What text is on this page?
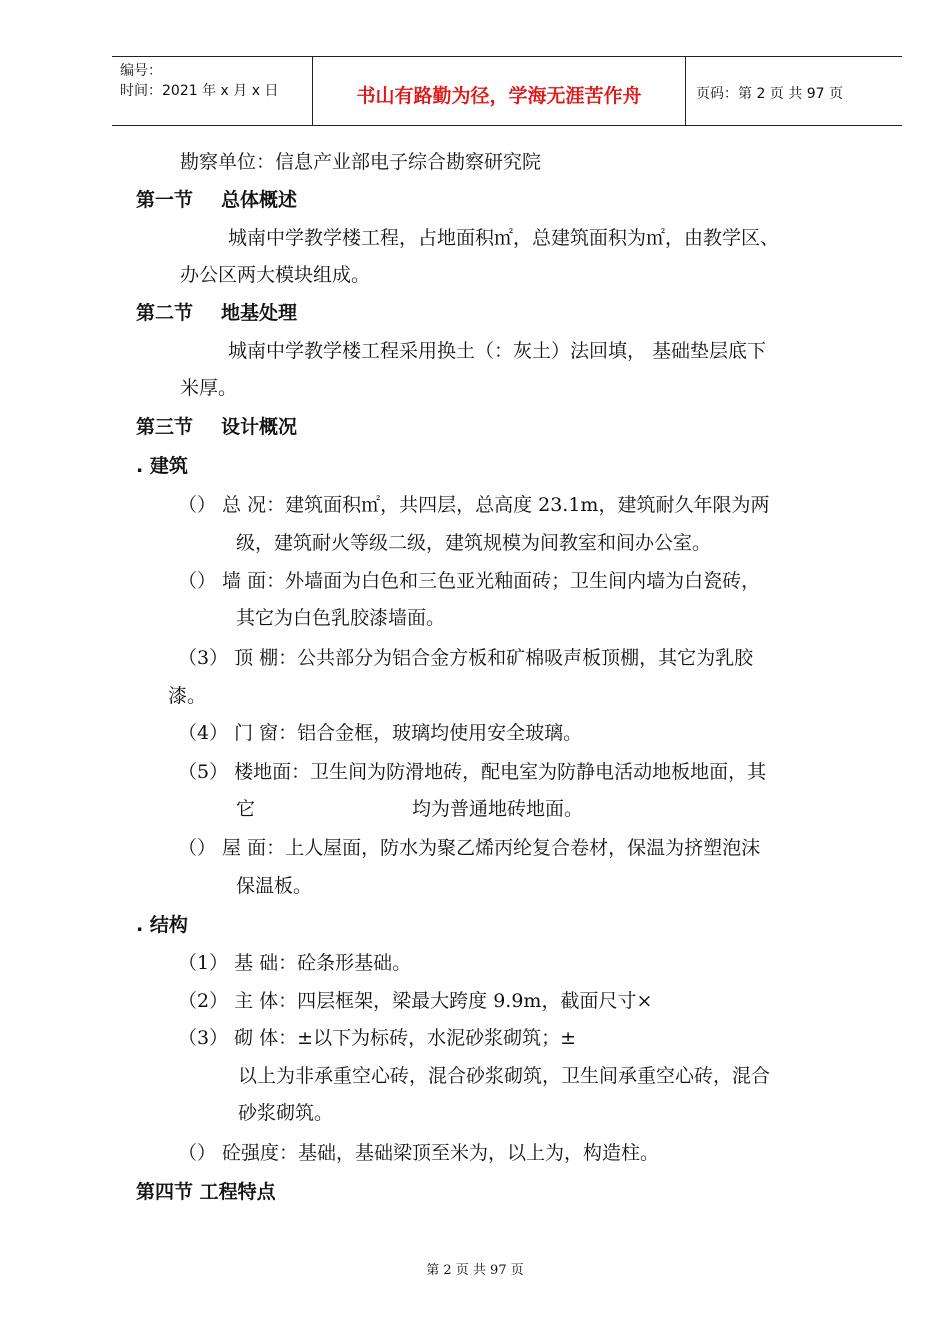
编号：
时间：2021 年 x 月 x 日	书山有路勤为径，学海无涯苦作舟	页码：第 2 页 共 97 页
勘察单位：信息产业部电子综合勘察研究院
第一节 总体概述
城南中学教学楼工程，占地面积㎡，总建筑面积为㎡，由教学区、
办公区两大模块组成。
第二节 地基处理
城南中学教学楼工程采用换土（：灰土）法回填， 基础垫层底下
米厚。
第三节 设计概况
. 建筑
（） 总 况：建筑面积㎡，共四层，总高度 23.1m，建筑耐久年限为两
级，建筑耐火等级二级，建筑规模为间教室和间办公室。
（） 墙 面：外墙面为白色和三色亚光釉面砖；卫生间内墙为白瓷砖，
其它为白色乳胶漆墙面。
（3） 顶 棚：公共部分为铝合金方板和矿棉吸声板顶棚，其它为乳胶
漆。
（4） 门 窗：铝合金框，玻璃均使用安全玻璃。
（5） 楼地面：卫生间为防滑地砖，配电室为防静电活动地板地面，其
它	均为普通地砖地面。
（） 屋 面：上人屋面，防水为聚乙烯丙纶复合卷材，保温为挤塑泡沫
保温板。
. 结构
（1） 基 础：砼条形基础。
（2） 主 体：四层框架，梁最大跨度 9.9m，截面尺寸×
（3） 砌 体：±以下为标砖，水泥砂浆砌筑；±
以上为非承重空心砖，混合砂浆砌筑，卫生间承重空心砖，混合
砂浆砌筑。
（） 砼强度：基础，基础梁顶至米为，以上为，构造柱。
第四节 工程特点
第 2 页 共 97 页
